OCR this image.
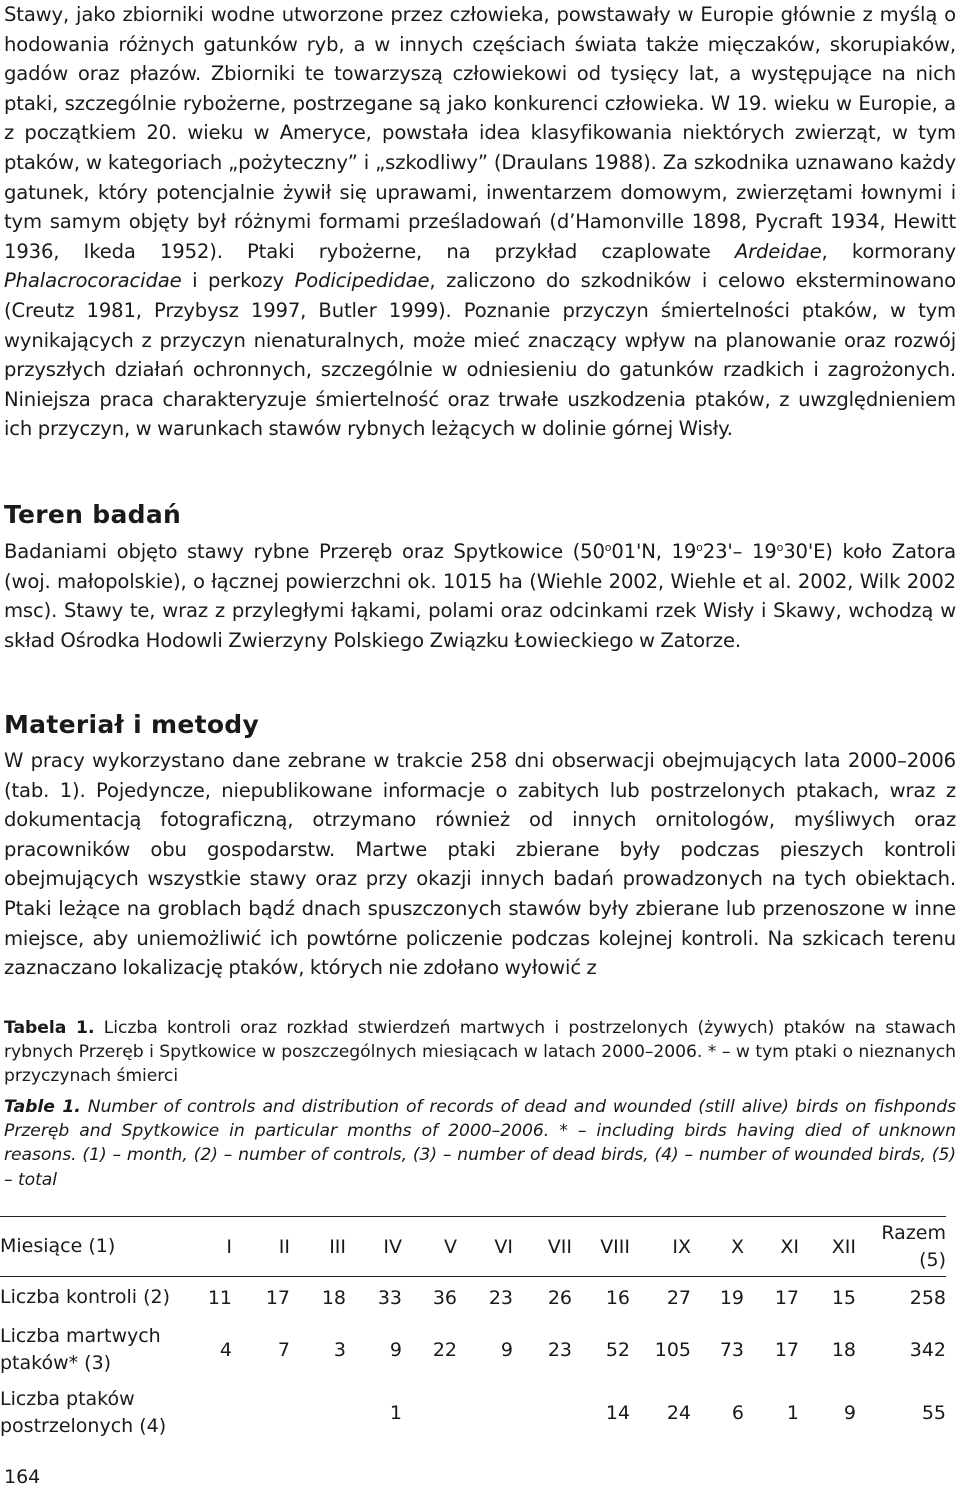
Stawy, jako zbiorniki wodne utworzone przez człowieka, powstawały w Europie głównie z myślą o hodowania różnych gatunków ryb, a w innych częściach świata także mięczaków, skorupiaków, gadów oraz płazów. Zbiorniki te towarzyszą człowiekowi od tysięcy lat, a występujące na nich ptaki, szczególnie rybożerne, postrzegane są jako konkurenci człowieka. W 19. wieku w Europie, a z początkiem 20. wieku w Ameryce, powstała idea klasyfikowania niektórych zwierząt, w tym ptaków, w kategoriach „pożyteczny” i „szkodliwy” (Draulans 1988). Za szkodnika uznawano każdy gatunek, który potencjalnie żywił się uprawami, inwentarzem domowym, zwierzętami łownymi i tym samym objęty był różnymi formami prześladowań (d’Hamonville 1898, Pycraft 1934, Hewitt 1936, Ikeda 1952). Ptaki rybożerne, na przykład czaplowate Ardeidae, kormorany Phalacrocoracidae i perkozy Podicipedidae, zaliczono do szkodników i celowo eksterminowano (Creutz 1981, Przybysz 1997, Butler 1999). Poznanie przyczyn śmiertelności ptaków, w tym wynikających z przyczyn nienaturalnych, może mieć znaczący wpływ na planowanie oraz rozwój przyszłych działań ochronnych, szczególnie w odniesieniu do gatunków rzadkich i zagrożonych. Niniejsza praca charakteryzuje śmiertelność oraz trwałe uszkodzenia ptaków, z uwzględnieniem ich przyczyn, w warunkach stawów rybnych leżących w dolinie górnej Wisły.

Teren badań

Badaniami objęto stawy rybne Przeręb oraz Spytkowice (50$^o$01'N, 19$^o$23'– 19$^o$30'E) koło Zatora (woj. małopolskie), o łącznej powierzchni ok. 1015 ha (Wiehle 2002, Wiehle et al. 2002, Wilk 2002 msc). Stawy te, wraz z przyległymi łąkami, polami oraz odcinkami rzek Wisły i Skawy, wchodzą w skład Ośrodka Hodowli Zwierzyny Polskiego Związku Łowieckiego w Zatorze.

Materiał i metody

W pracy wykorzystano dane zebrane w trakcie 258 dni obserwacji obejmujących lata 2000–2006 (tab. 1). Pojedyncze, niepublikowane informacje o zabitych lub postrzelonych ptakach, wraz z dokumentacją fotograficzną, otrzymano również od innych ornitologów, myśliwych oraz pracowników obu gospodarstw. Martwe ptaki zbierane były podczas pieszych kontroli obejmujących wszystkie stawy oraz przy okazji innych badań prowadzonych na tych obiektach. Ptaki leżące na groblach bądź dnach spuszczonych stawów były zbierane lub przenoszone w inne miejsce, aby uniemożliwić ich powtórne policzenie podczas kolejnej kontroli. Na szkicach terenu zaznaczano lokalizację ptaków, których nie zdołano wyłowić z

Tabela 1. Liczba kontroli oraz rozkład stwierdzeń martwych i postrzelonych (żywych) ptaków na stawach rybnych Przeręb i Spytkowice w poszczególnych miesiącach w latach 2000–2006. * – w tym ptaki o nieznanych przyczynach śmierci

Table 1. Number of controls and distribution of records of dead and wounded (still alive) birds on fishponds Przeręb and Spytkowice in particular months of 2000–2006. * – including birds having died of unknown reasons. (1) – month, (2) – number of controls, (3) – number of dead birds, (4) – number of wounded birds, (5) – total

Miesiące (1)	I	II	III	IV	V	VI	VII	VIII	IX	X	XI	XII	Razem
(5)

Liczba kontroli (2)	11	17	18	33	36	23	26	16	27	19	17	15	258

Liczba martwych
ptaków* (3)	4	7	3	9	22	9	23	52	105	73	17	18	342

Liczba ptaków
postrzelonych (4)				1				14	24	6	1	9	55
164
